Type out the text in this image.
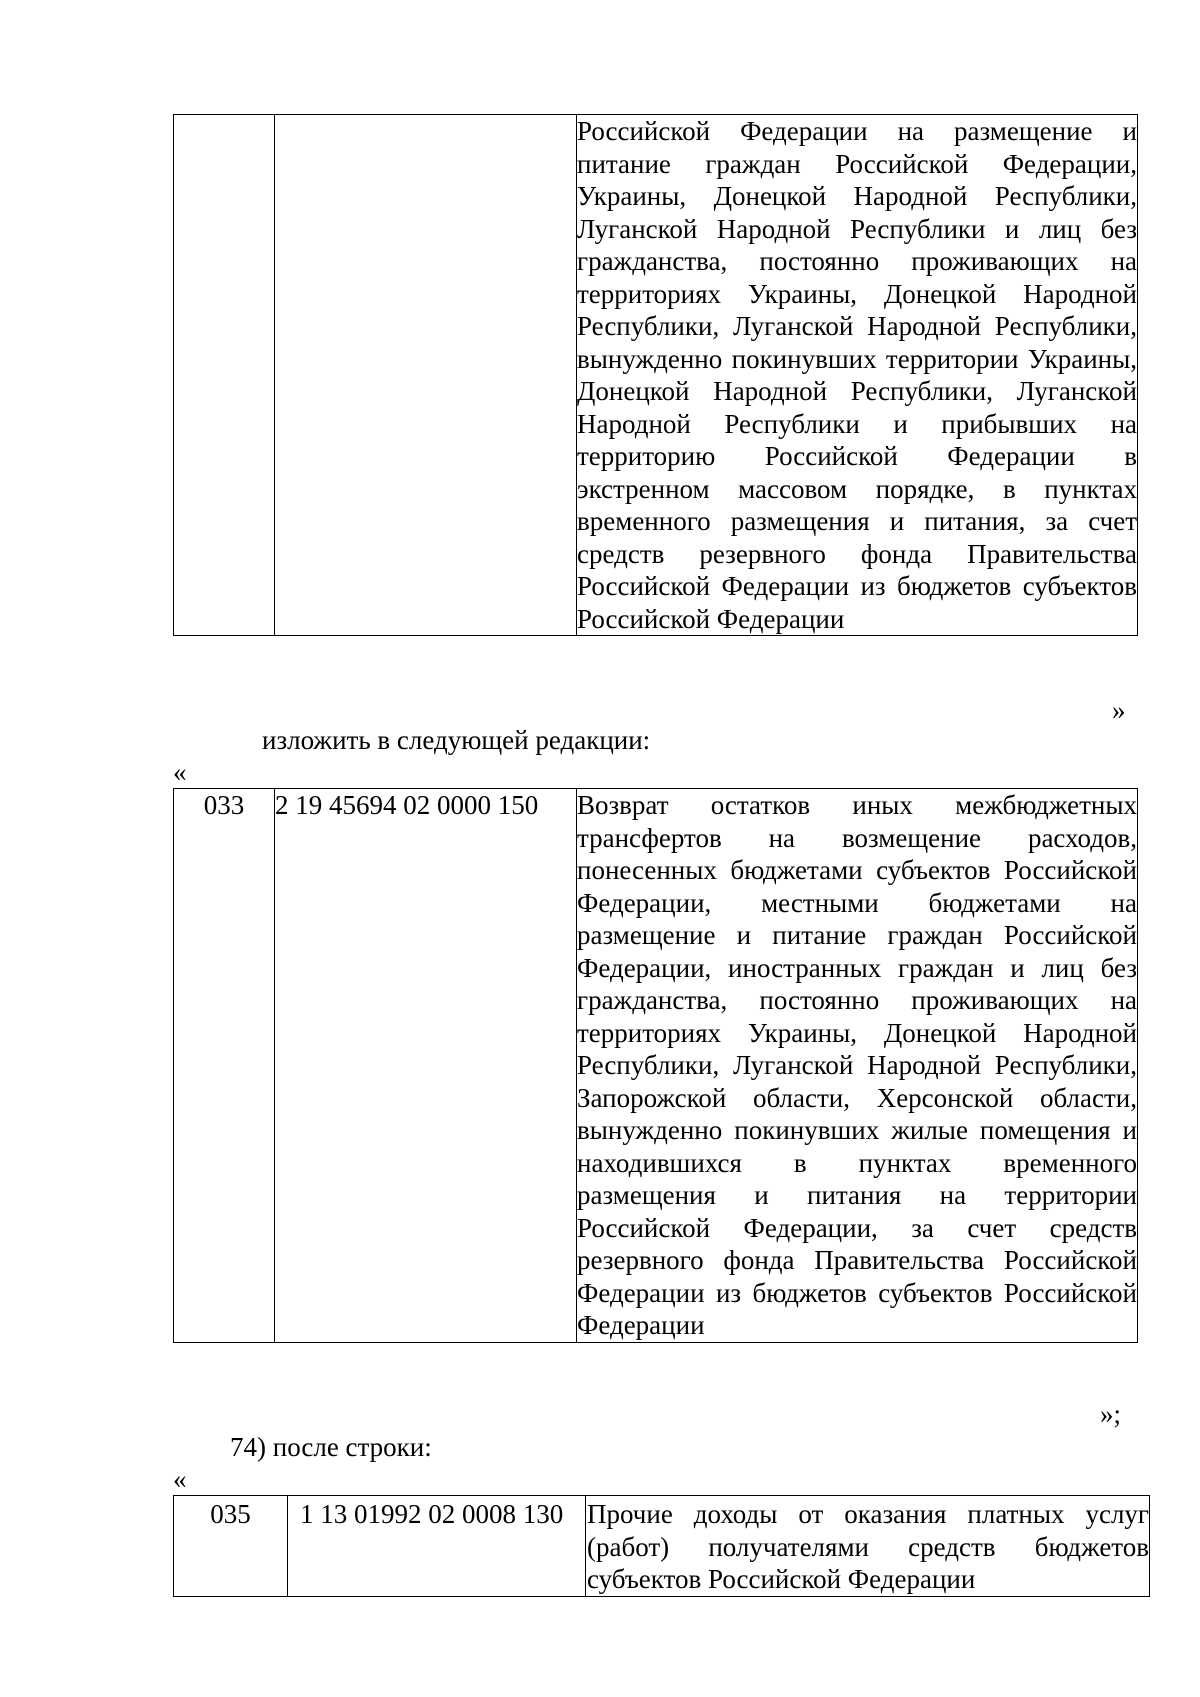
		Российской Федерации на размещение и питание граждан Российской Федерации, Украины, Донецкой Народной Республики, Луганской Народной Республики и лиц без гражданства, постоянно проживающих на территориях Украины, Донецкой Народной Республики, Луганской Народной Республики, вынужденно покинувших территории Украины, Донецкой Народной Республики, Луганской Народной Республики и прибывших на территорию Российской Федерации в экстренном массовом порядке, в пунктах временного размещения и питания, за счет средств резервного фонда Правительства Российской Федерации из бюджетов субъектов Российской Федерации
»
изложить в следующей редакции:
«
033	2 19 45694 02 0000 150	Возврат остатков иных межбюджетных трансфертов на возмещение расходов, понесенных бюджетами субъектов Российской Федерации, местными бюджетами на размещение и питание граждан Российской Федерации, иностранных граждан и лиц без гражданства, постоянно проживающих на территориях Украины, Донецкой Народной Республики, Луганской Народной Республики, Запорожской области, Херсонской области, вынужденно покинувших жилые помещения и находившихся в пунктах временного размещения и питания на территории Российской Федерации, за счет средств резервного фонда Правительства Российской Федерации из бюджетов субъектов Российской Федерации
»;
74) после строки:
«
035	1 13 01992 02 0008 130	Прочие доходы от оказания платных услуг (работ) получателями средств бюджетов субъектов Российской Федерации
